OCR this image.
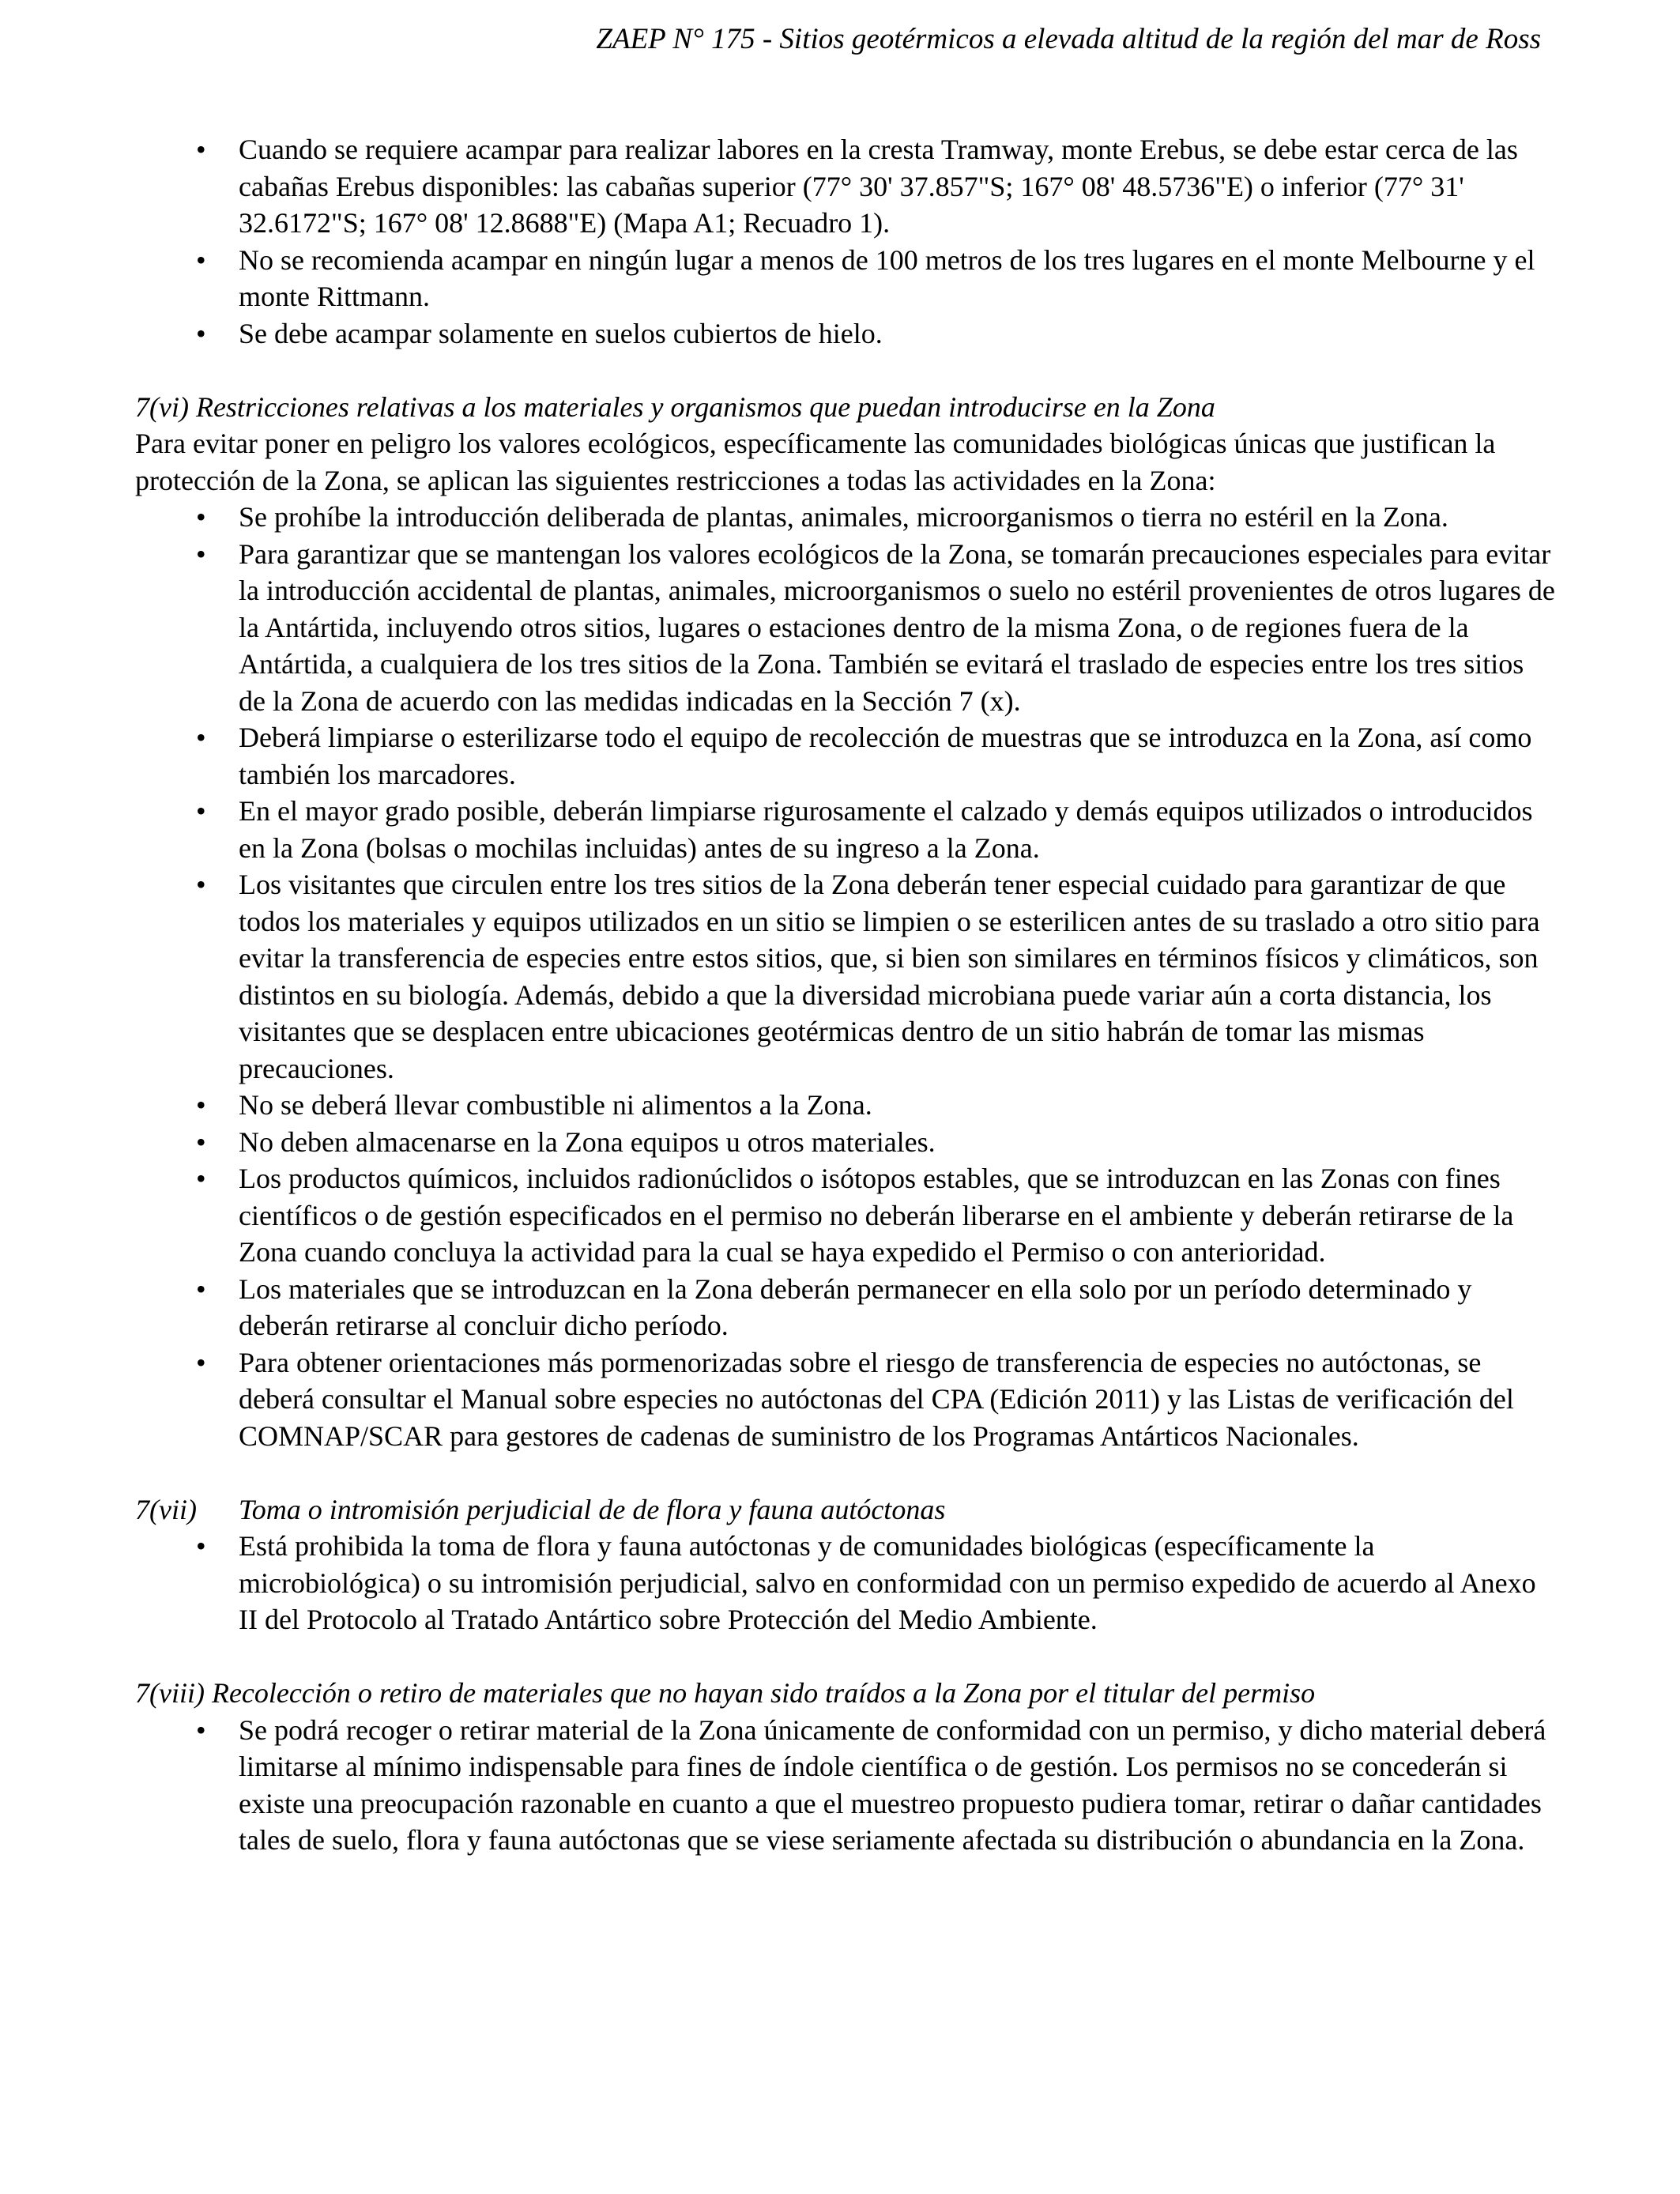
ZAEP N° 175 - Sitios geotérmicos a elevada altitud de la región del mar de Ross
• Cuando se requiere acampar para realizar labores en la cresta Tramway, monte Erebus, se debe estar cerca de las cabañas Erebus disponibles: las cabañas superior (77° 30' 37.857"S; 167° 08' 48.5736"E) o inferior (77° 31' 32.6172"S; 167° 08' 12.8688"E) (Mapa A1; Recuadro 1).
• No se recomienda acampar en ningún lugar a menos de 100 metros de los tres lugares en el monte Melbourne y el monte Rittmann.
• Se debe acampar solamente en suelos cubiertos de hielo.

7(vi) Restricciones relativas a los materiales y organismos que puedan introducirse en la Zona

Para evitar poner en peligro los valores ecológicos, específicamente las comunidades biológicas únicas que justifican la protección de la Zona, se aplican las siguientes restricciones a todas las actividades en la Zona:

• Se prohíbe la introducción deliberada de plantas, animales, microorganismos o tierra no estéril en la Zona.
• Para garantizar que se mantengan los valores ecológicos de la Zona, se tomarán precauciones especiales para evitar la introducción accidental de plantas, animales, microorganismos o suelo no estéril provenientes de otros lugares de la Antártida, incluyendo otros sitios, lugares o estaciones dentro de la misma Zona, o de regiones fuera de la Antártida, a cualquiera de los tres sitios de la Zona. También se evitará el traslado de especies entre los tres sitios de la Zona de acuerdo con las medidas indicadas en la Sección 7 (x).
• Deberá limpiarse o esterilizarse todo el equipo de recolección de muestras que se introduzca en la Zona, así como también los marcadores.
• En el mayor grado posible, deberán limpiarse rigurosamente el calzado y demás equipos utilizados o introducidos en la Zona (bolsas o mochilas incluidas) antes de su ingreso a la Zona.
• Los visitantes que circulen entre los tres sitios de la Zona deberán tener especial cuidado para garantizar de que todos los materiales y equipos utilizados en un sitio se limpien o se esterilicen antes de su traslado a otro sitio para evitar la transferencia de especies entre estos sitios, que, si bien son similares en términos físicos y climáticos, son distintos en su biología. Además, debido a que la diversidad microbiana puede variar aún a corta distancia, los visitantes que se desplacen entre ubicaciones geotérmicas dentro de un sitio habrán de tomar las mismas precauciones.
• No se deberá llevar combustible ni alimentos a la Zona.
• No deben almacenarse en la Zona equipos u otros materiales.
• Los productos químicos, incluidos radionúclidos o isótopos estables, que se introduzcan en las Zonas con fines científicos o de gestión especificados en el permiso no deberán liberarse en el ambiente y deberán retirarse de la Zona cuando concluya la actividad para la cual se haya expedido el Permiso o con anterioridad.
• Los materiales que se introduzcan en la Zona deberán permanecer en ella solo por un período determinado y deberán retirarse al concluir dicho período.
• Para obtener orientaciones más pormenorizadas sobre el riesgo de transferencia de especies no autóctonas, se deberá consultar el Manual sobre especies no autóctonas del CPA (Edición 2011) y las Listas de verificación del COMNAP/SCAR para gestores de cadenas de suministro de los Programas Antárticos Nacionales.

7(vii) Toma o intromisión perjudicial de de flora y fauna autóctonas

• Está prohibida la toma de flora y fauna autóctonas y de comunidades biológicas (específicamente la microbiológica) o su intromisión perjudicial, salvo en conformidad con un permiso expedido de acuerdo al Anexo II del Protocolo al Tratado Antártico sobre Protección del Medio Ambiente.

7(viii) Recolección o retiro de materiales que no hayan sido traídos a la Zona por el titular del permiso

• Se podrá recoger o retirar material de la Zona únicamente de conformidad con un permiso, y dicho material deberá limitarse al mínimo indispensable para fines de índole científica o de gestión. Los permisos no se concederán si existe una preocupación razonable en cuanto a que el muestreo propuesto pudiera tomar, retirar o dañar cantidades tales de suelo, flora y fauna autóctonas que se viese seriamente afectada su distribución o abundancia en la Zona.
